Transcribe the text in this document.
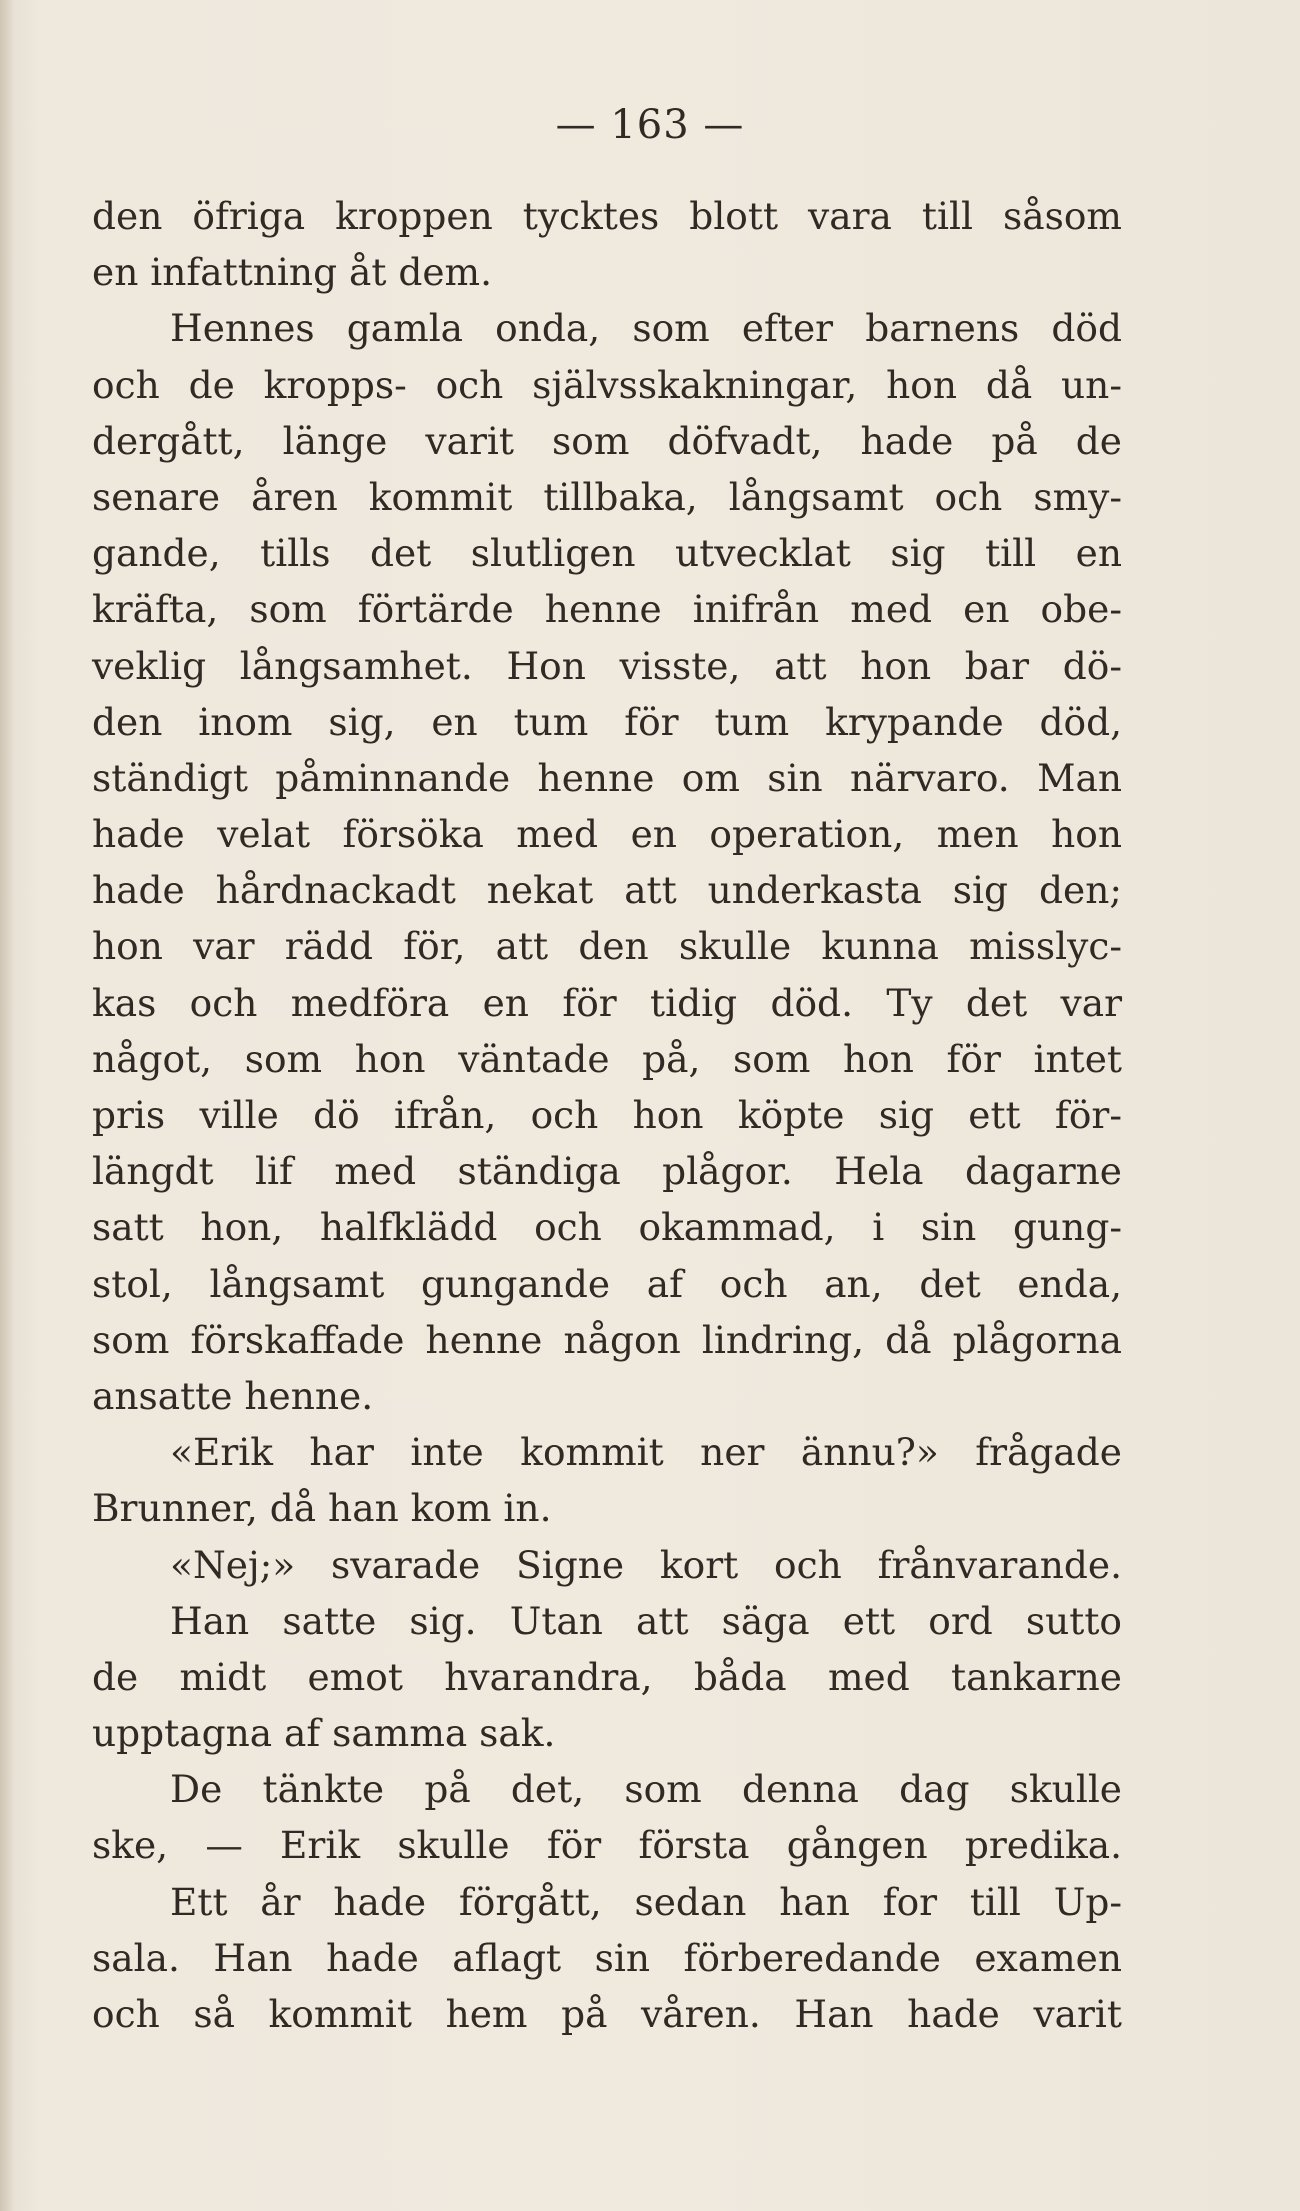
— 163 —
den öfriga kroppen tycktes blott vara till såsom
en infattning åt dem.
Hennes gamla onda, som efter barnens död
och de kropps- och självsskakningar, hon då un-
dergått, länge varit som döfvadt, hade på de
senare åren kommit tillbaka, långsamt och smy-
gande, tills det slutligen utvecklat sig till en
kräfta, som förtärde henne inifrån med en obe-
veklig långsamhet. Hon visste, att hon bar dö-
den inom sig, en tum för tum krypande död,
ständigt påminnande henne om sin närvaro. Man
hade velat försöka med en operation, men hon
hade hårdnackadt nekat att underkasta sig den;
hon var rädd för, att den skulle kunna misslyc-
kas och medföra en för tidig död. Ty det var
något, som hon väntade på, som hon för intet
pris ville dö ifrån, och hon köpte sig ett för-
längdt lif med ständiga plågor. Hela dagarne
satt hon, halfklädd och okammad, i sin gung-
stol, långsamt gungande af och an, det enda,
som förskaffade henne någon lindring, då plågorna
ansatte henne.
«Erik har inte kommit ner ännu?» frågade
Brunner, då han kom in.
«Nej;» svarade Signe kort och frånvarande.
Han satte sig. Utan att säga ett ord sutto
de midt emot hvarandra, båda med tankarne
upptagna af samma sak.
De tänkte på det, som denna dag skulle
ske, — Erik skulle för första gången predika.
Ett år hade förgått, sedan han for till Up-
sala. Han hade aflagt sin förberedande examen
och så kommit hem på våren. Han hade varit
